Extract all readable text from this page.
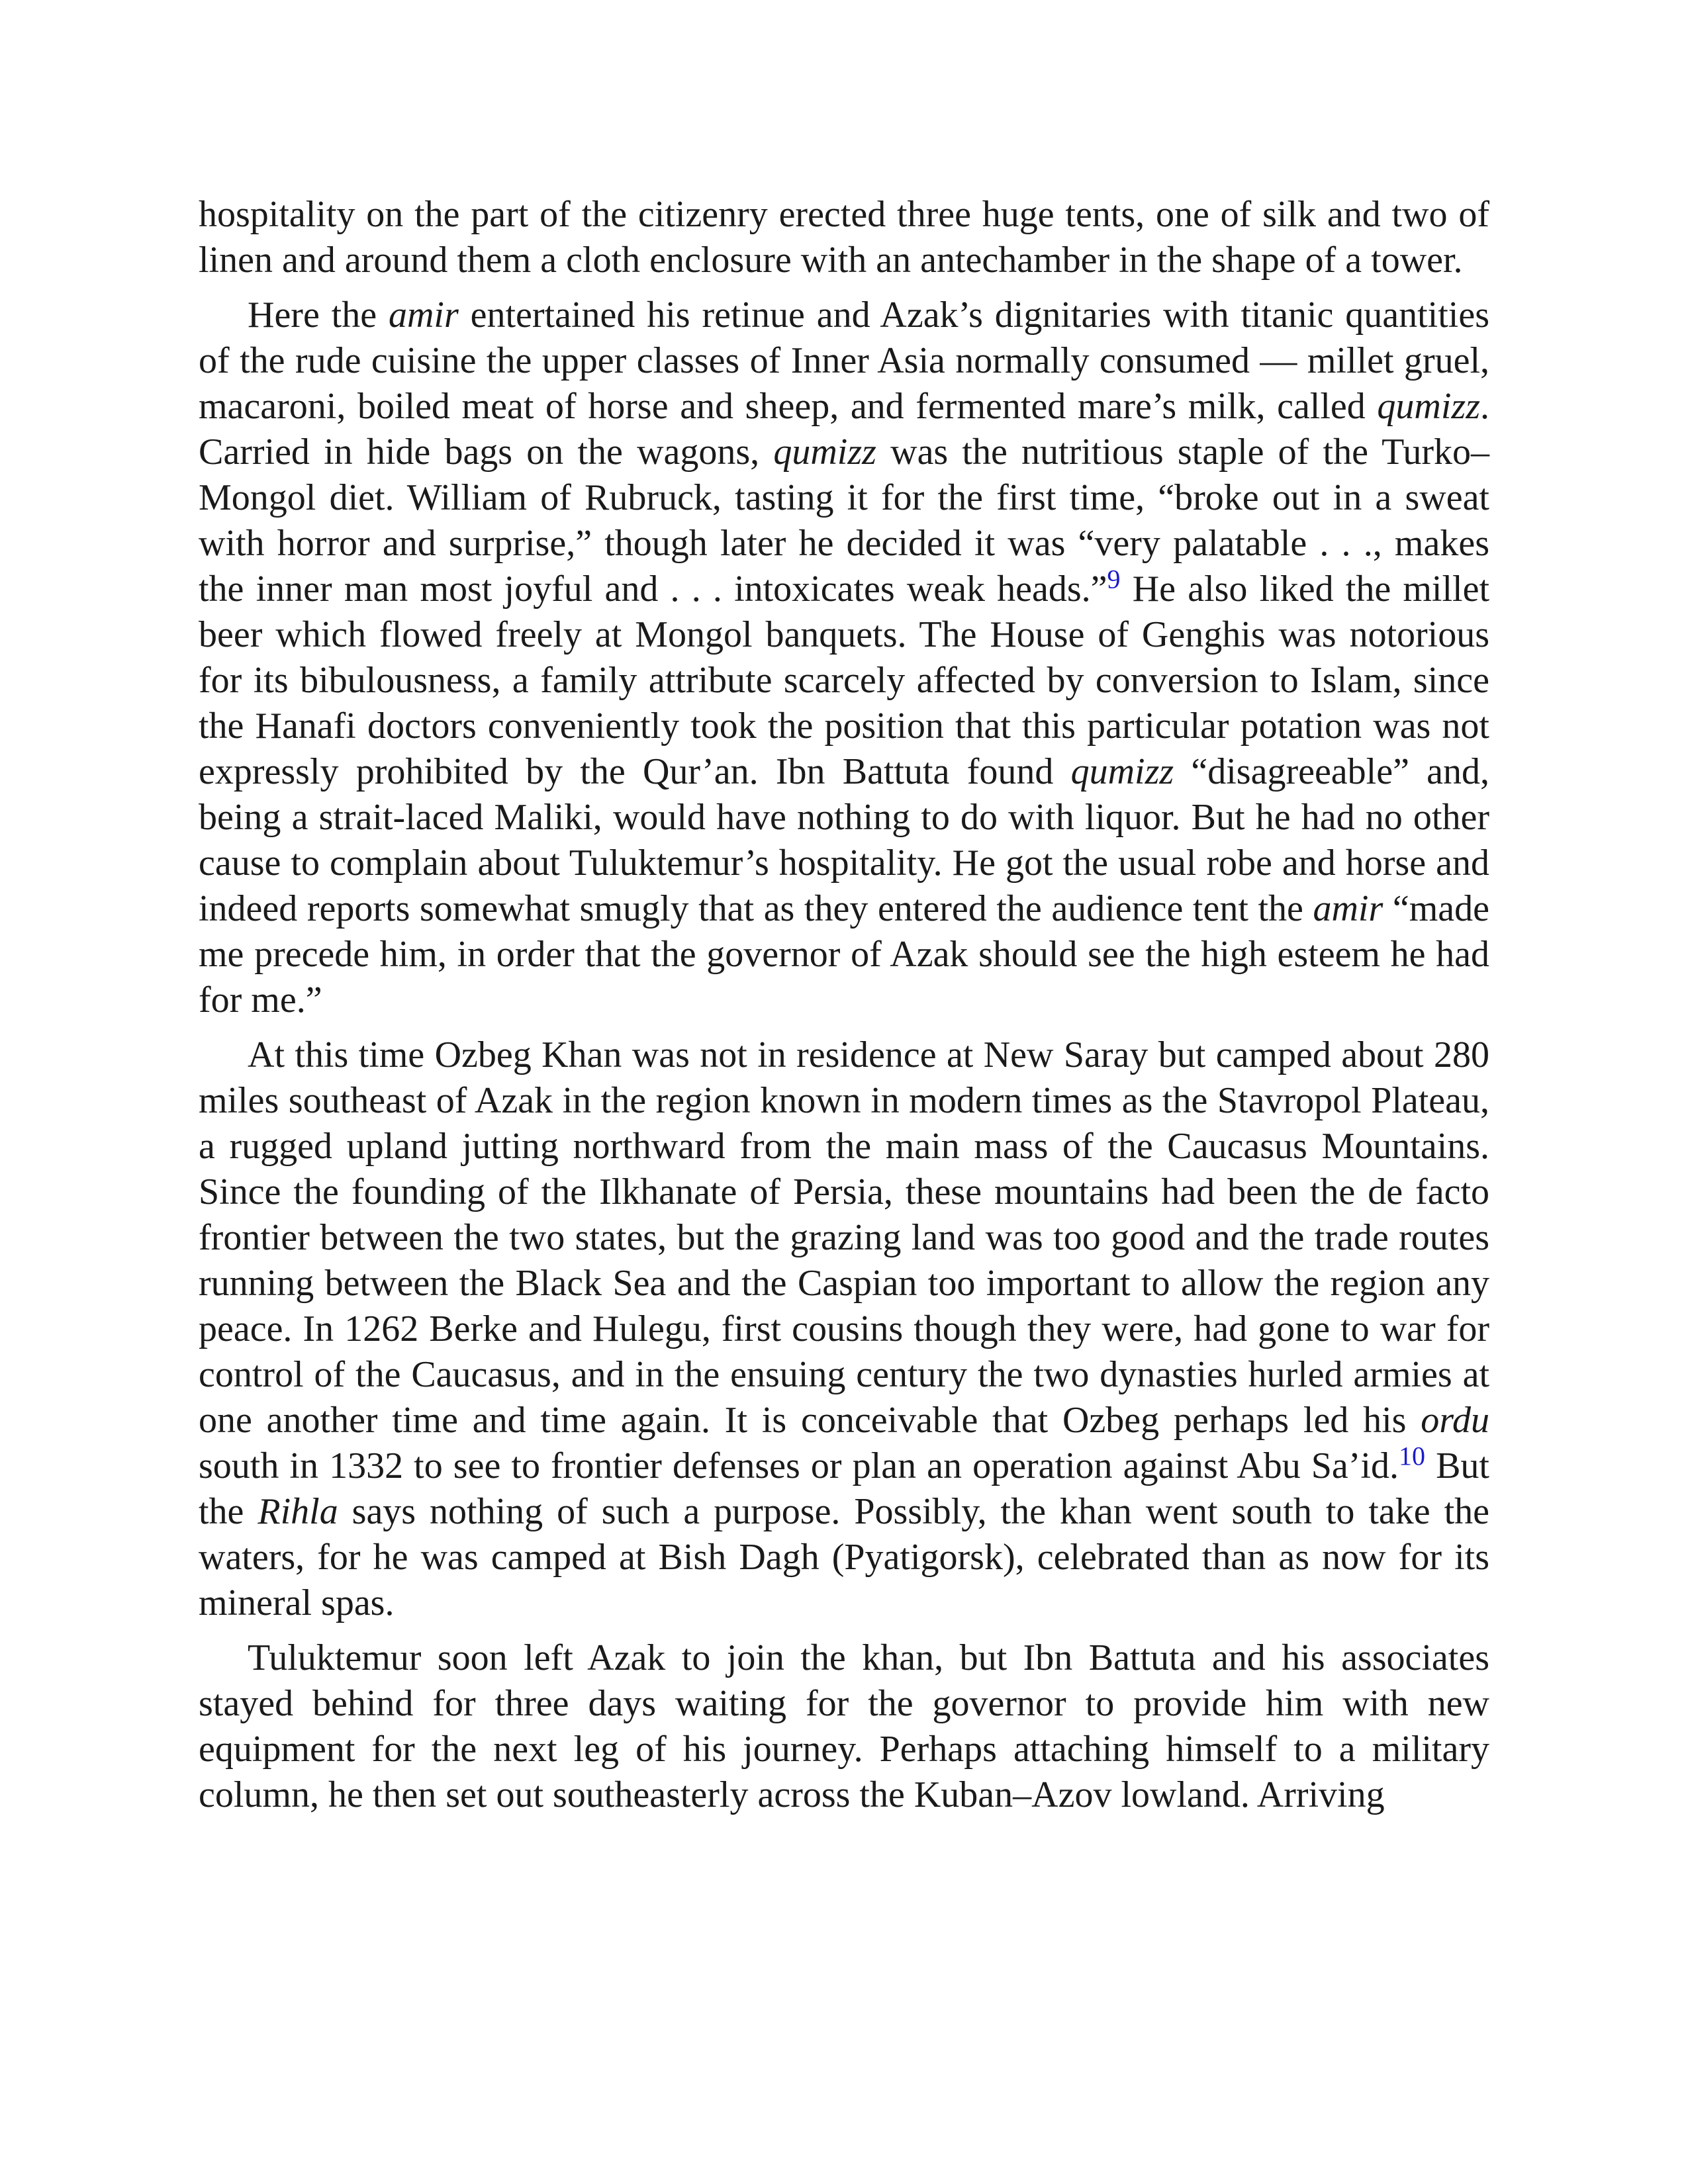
hospitality on the part of the citizenry erected three huge tents, one of silk and two of linen and around them a cloth enclosure with an antechamber in the shape of a tower.

Here the amir entertained his retinue and Azak’s dignitaries with titanic quantities of the rude cuisine the upper classes of Inner Asia normally consumed — millet gruel, macaroni, boiled meat of horse and sheep, and fermented mare’s milk, called qumizz. Carried in hide bags on the wagons, qumizz was the nutritious staple of the Turko–Mongol diet. William of Rubruck, tasting it for the first time, “broke out in a sweat with horror and surprise,” though later he decided it was “very palatable . . ., makes the inner man most joyful and . . . intoxicates weak heads.”$^9$ He also liked the millet beer which flowed freely at Mongol banquets. The House of Genghis was notorious for its bibulousness, a family attribute scarcely affected by conversion to Islam, since the Hanafi doctors conveniently took the position that this particular potation was not expressly prohibited by the Qur’an. Ibn Battuta found qumizz “disagreeable” and, being a strait-laced Maliki, would have nothing to do with liquor. But he had no other cause to complain about Tuluktemur’s hospitality. He got the usual robe and horse and indeed reports somewhat smugly that as they entered the audience tent the amir “made me precede him, in order that the governor of Azak should see the high esteem he had for me.”

At this time Ozbeg Khan was not in residence at New Saray but camped about 280 miles southeast of Azak in the region known in modern times as the Stavropol Plateau, a rugged upland jutting northward from the main mass of the Caucasus Mountains. Since the founding of the Ilkhanate of Persia, these mountains had been the de facto frontier between the two states, but the grazing land was too good and the trade routes running between the Black Sea and the Caspian too important to allow the region any peace. In 1262 Berke and Hulegu, first cousins though they were, had gone to war for control of the Caucasus, and in the ensuing century the two dynasties hurled armies at one another time and time again. It is conceivable that Ozbeg perhaps led his ordu south in 1332 to see to frontier defenses or plan an operation against Abu Sa’id.$^{10}$ But the Rihla says nothing of such a purpose. Possibly, the khan went south to take the waters, for he was camped at Bish Dagh (Pyatigorsk), celebrated than as now for its mineral spas.

Tuluktemur soon left Azak to join the khan, but Ibn Battuta and his associates stayed behind for three days waiting for the governor to provide him with new equipment for the next leg of his journey. Perhaps attaching himself to a military column, he then set out southeasterly across the Kuban–Azov lowland. Arriving
